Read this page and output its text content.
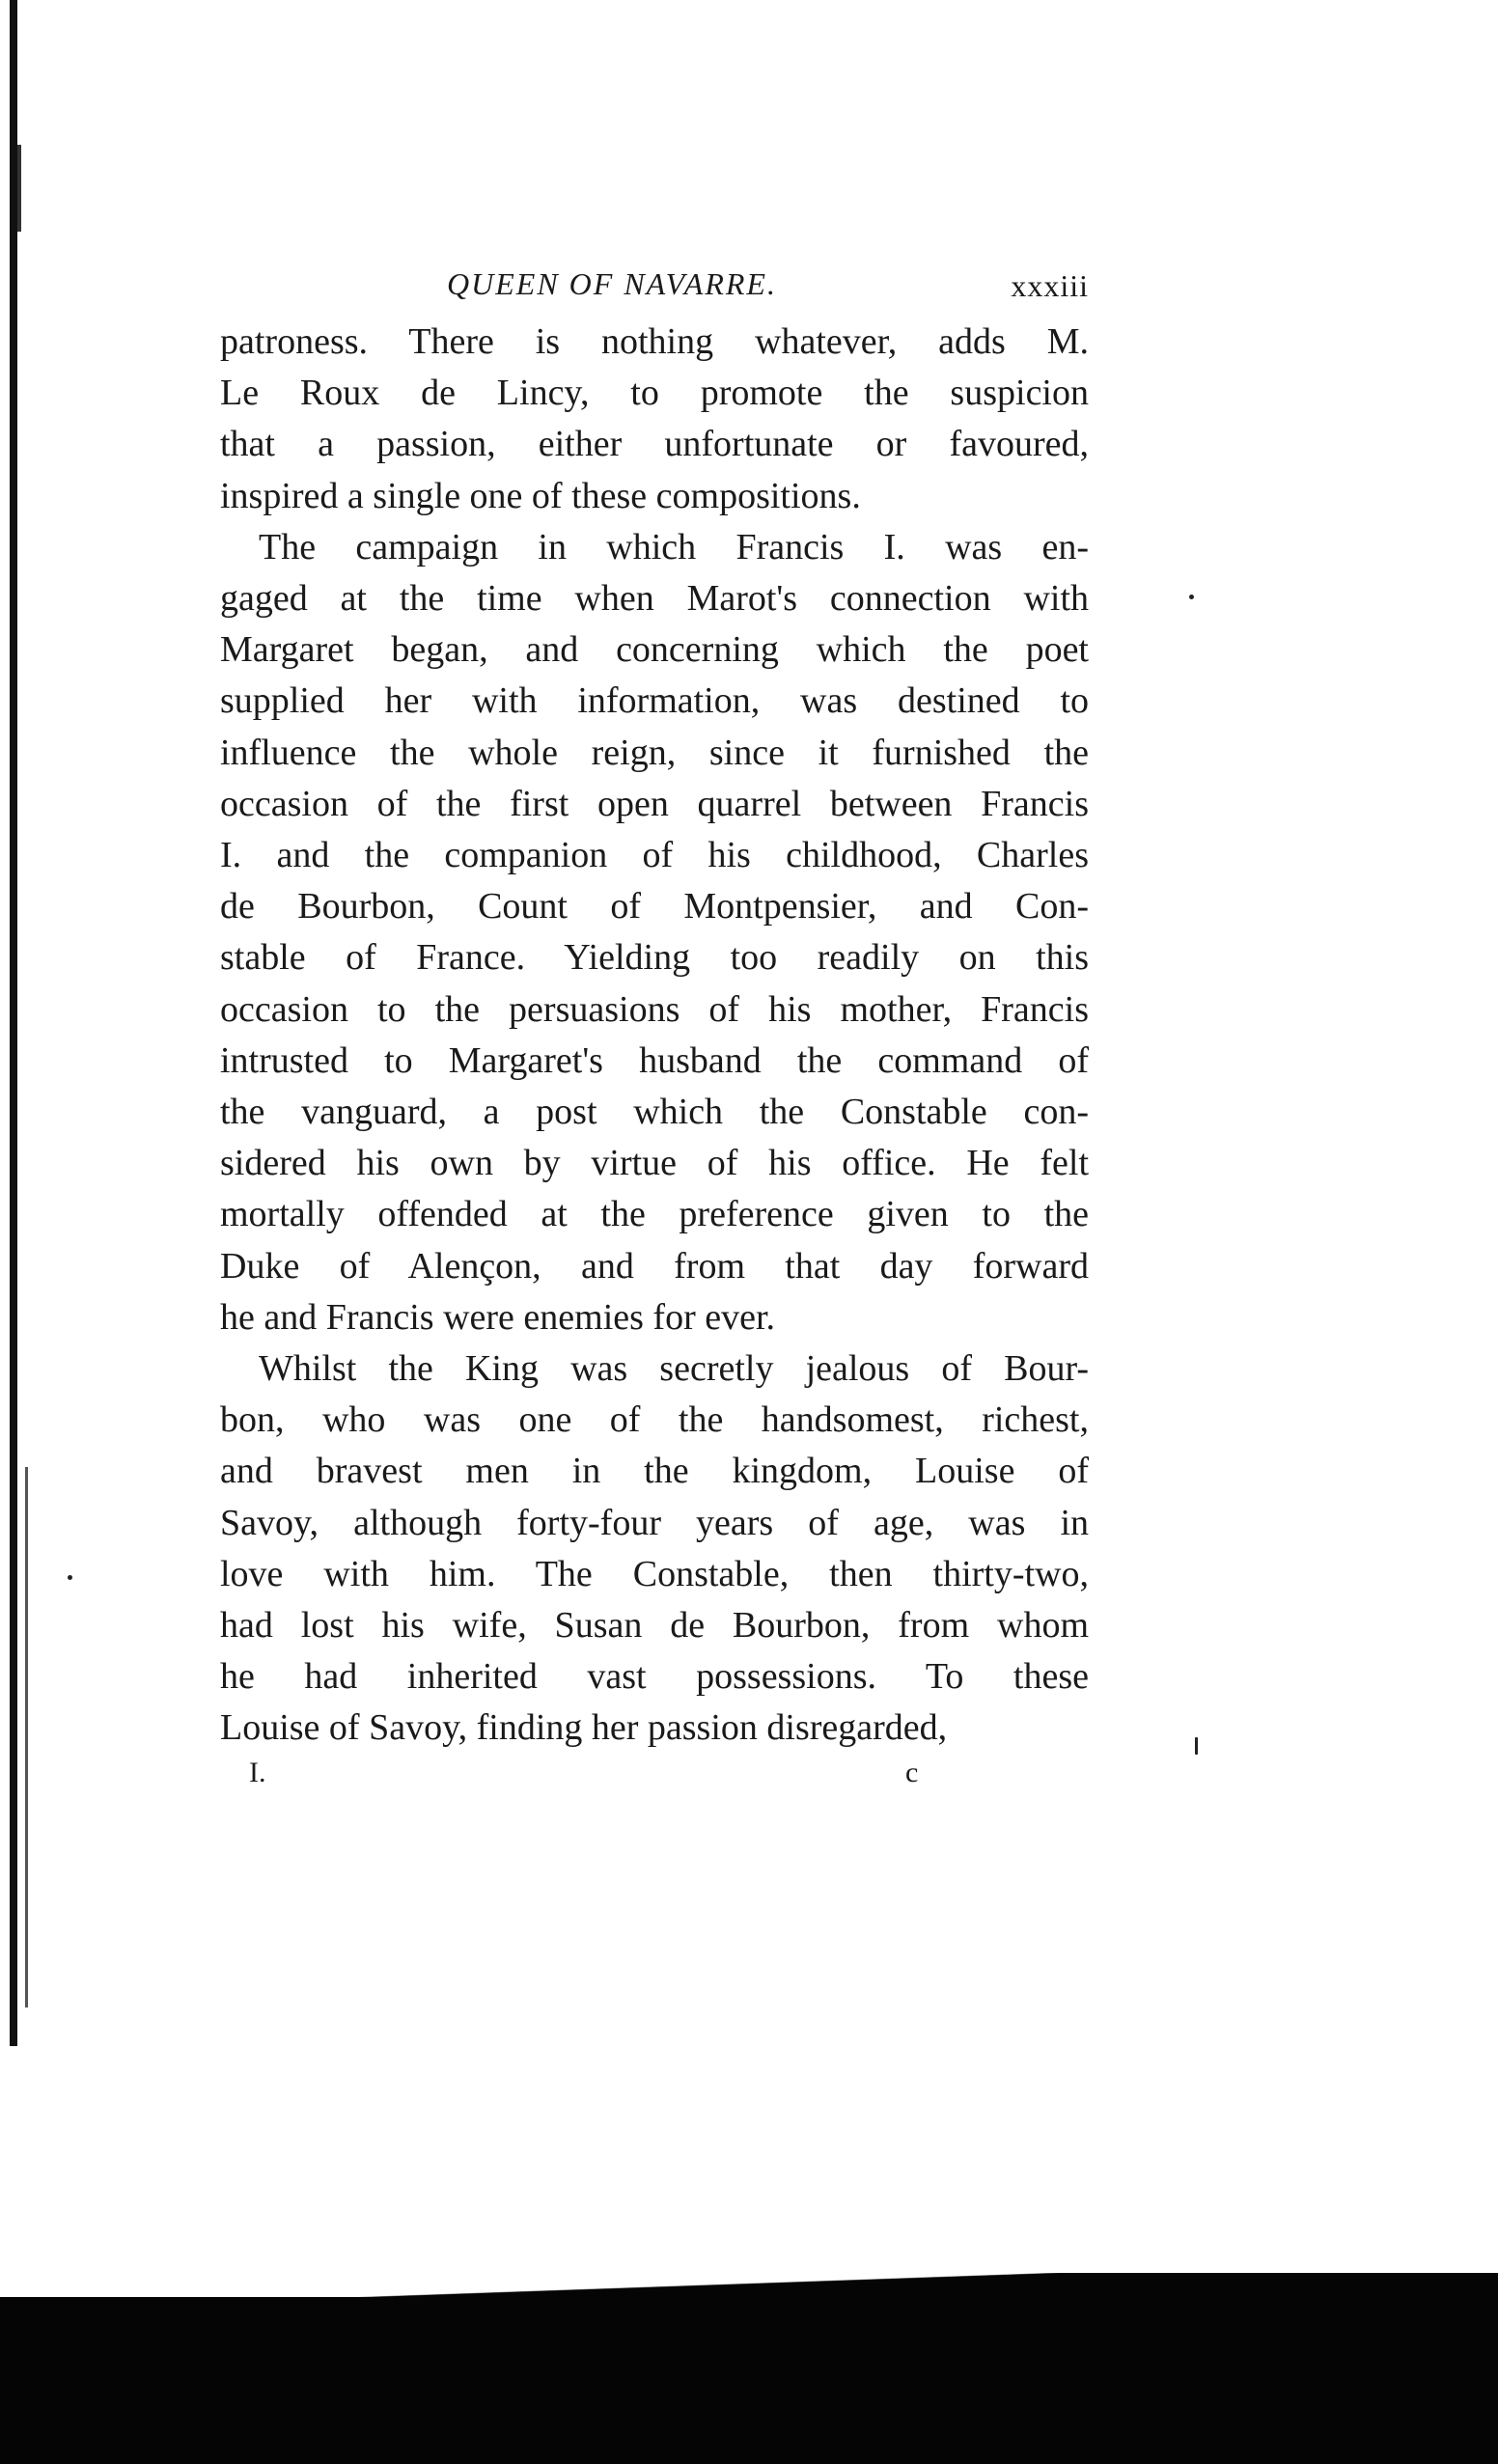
QUEEN OF NAVARRE.	xxxiii

patroness. There is nothing whatever, adds M.
Le Roux de Lincy, to promote the suspicion
that a passion, either unfortunate or favoured,
inspired a single one of these compositions.

The campaign in which Francis I. was en-
gaged at the time when Marot's connection with
Margaret began, and concerning which the poet
supplied her with information, was destined to
influence the whole reign, since it furnished the
occasion of the first open quarrel between Francis
I. and the companion of his childhood, Charles
de Bourbon, Count of Montpensier, and Con-
stable of France. Yielding too readily on this
occasion to the persuasions of his mother, Francis
intrusted to Margaret's husband the command of
the vanguard, a post which the Constable con-
sidered his own by virtue of his office. He felt
mortally offended at the preference given to the
Duke of Alençon, and from that day forward
he and Francis were enemies for ever.

Whilst the King was secretly jealous of Bour-
bon, who was one of the handsomest, richest,
and bravest men in the kingdom, Louise of
Savoy, although forty-four years of age, was in
love with him. The Constable, then thirty-two,
had lost his wife, Susan de Bourbon, from whom
he had inherited vast possessions. To these
Louise of Savoy, finding her passion disregarded,

I.	c
